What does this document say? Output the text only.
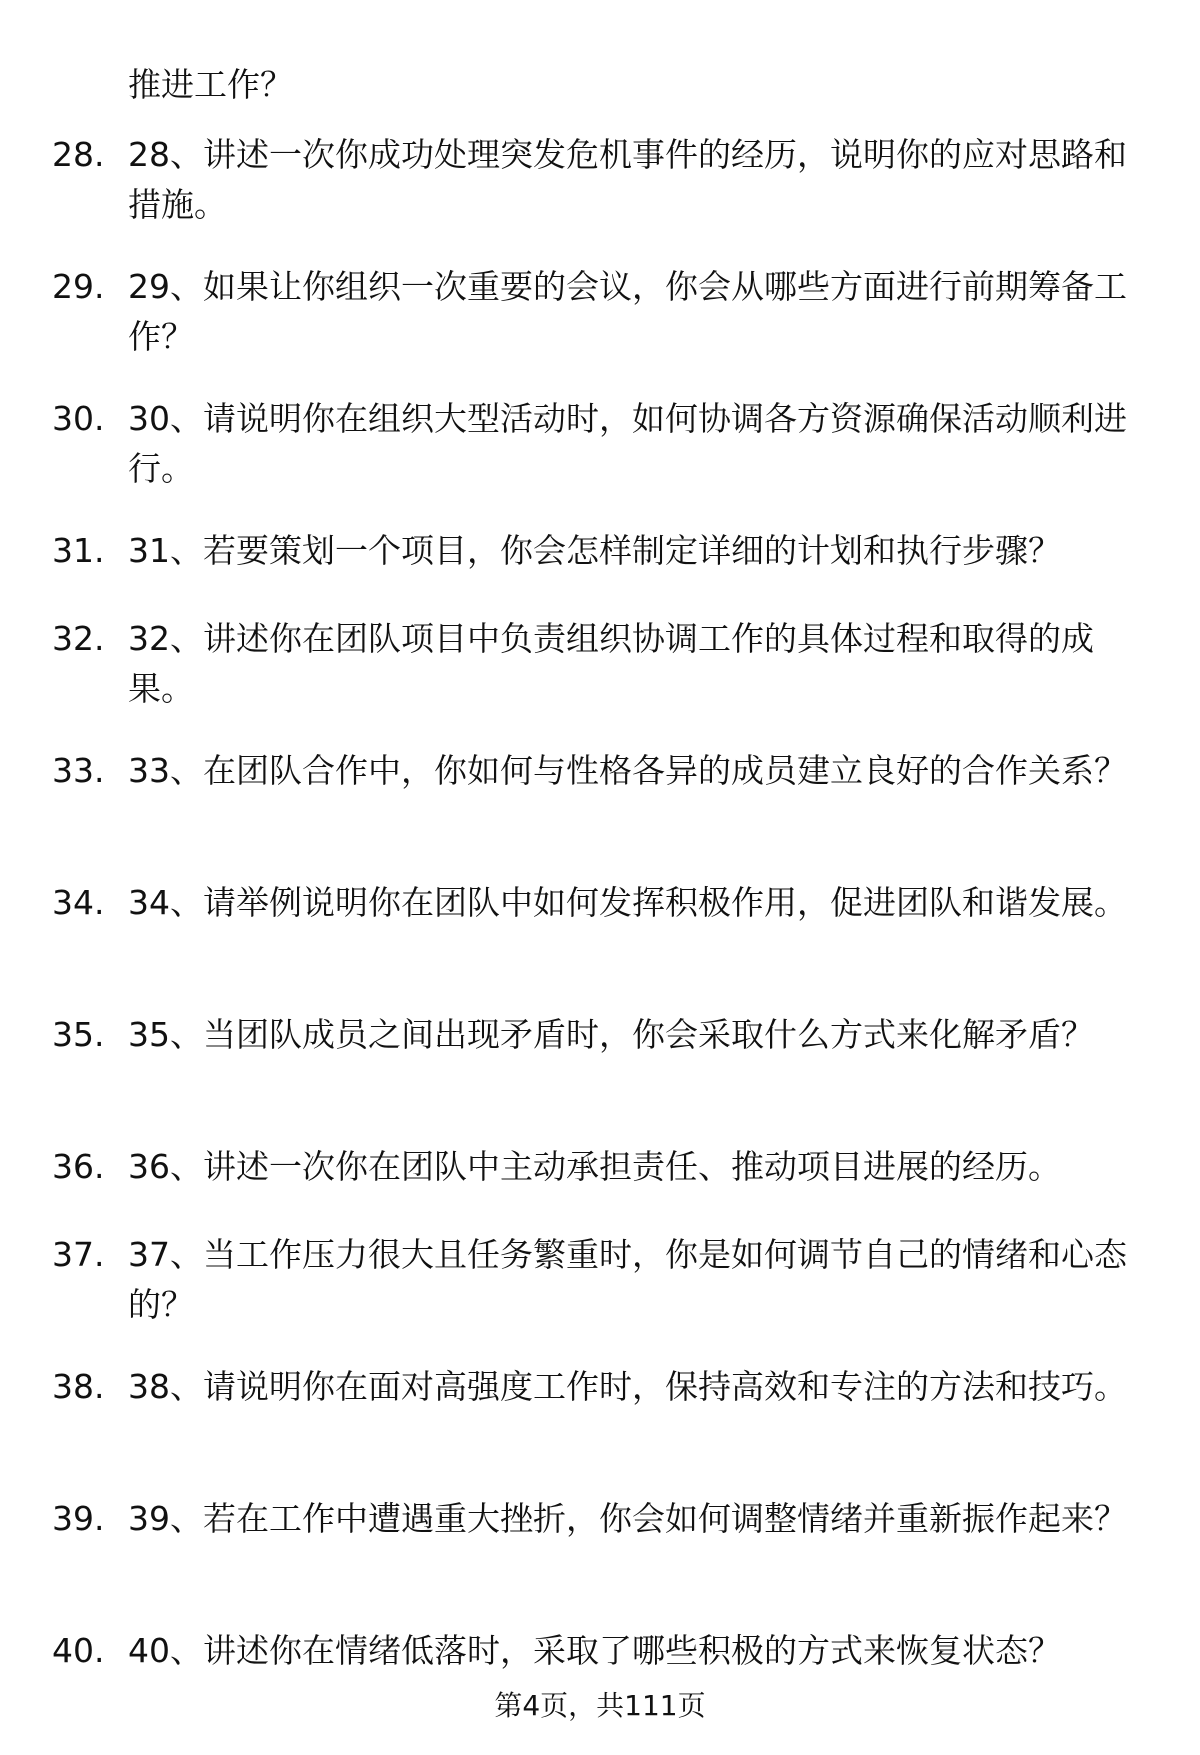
推进工作？
28. 28、讲述一次你成功处理突发危机事件的经历，说明你的应对思路和措施。
29. 29、如果让你组织一次重要的会议，你会从哪些方面进行前期筹备工作？
30. 30、请说明你在组织大型活动时，如何协调各方资源确保活动顺利进行。
31. 31、若要策划一个项目，你会怎样制定详细的计划和执行步骤？
32. 32、讲述你在团队项目中负责组织协调工作的具体过程和取得的成果。
33. 33、在团队合作中，你如何与性格各异的成员建立良好的合作关系？
34. 34、请举例说明你在团队中如何发挥积极作用，促进团队和谐发展。
35. 35、当团队成员之间出现矛盾时，你会采取什么方式来化解矛盾？
36. 36、讲述一次你在团队中主动承担责任、推动项目进展的经历。
37. 37、当工作压力很大且任务繁重时，你是如何调节自己的情绪和心态的？
38. 38、请说明你在面对高强度工作时，保持高效和专注的方法和技巧。
39. 39、若在工作中遭遇重大挫折，你会如何调整情绪并重新振作起来？
40. 40、讲述你在情绪低落时，采取了哪些积极的方式来恢复状态？
第4页，共111页
